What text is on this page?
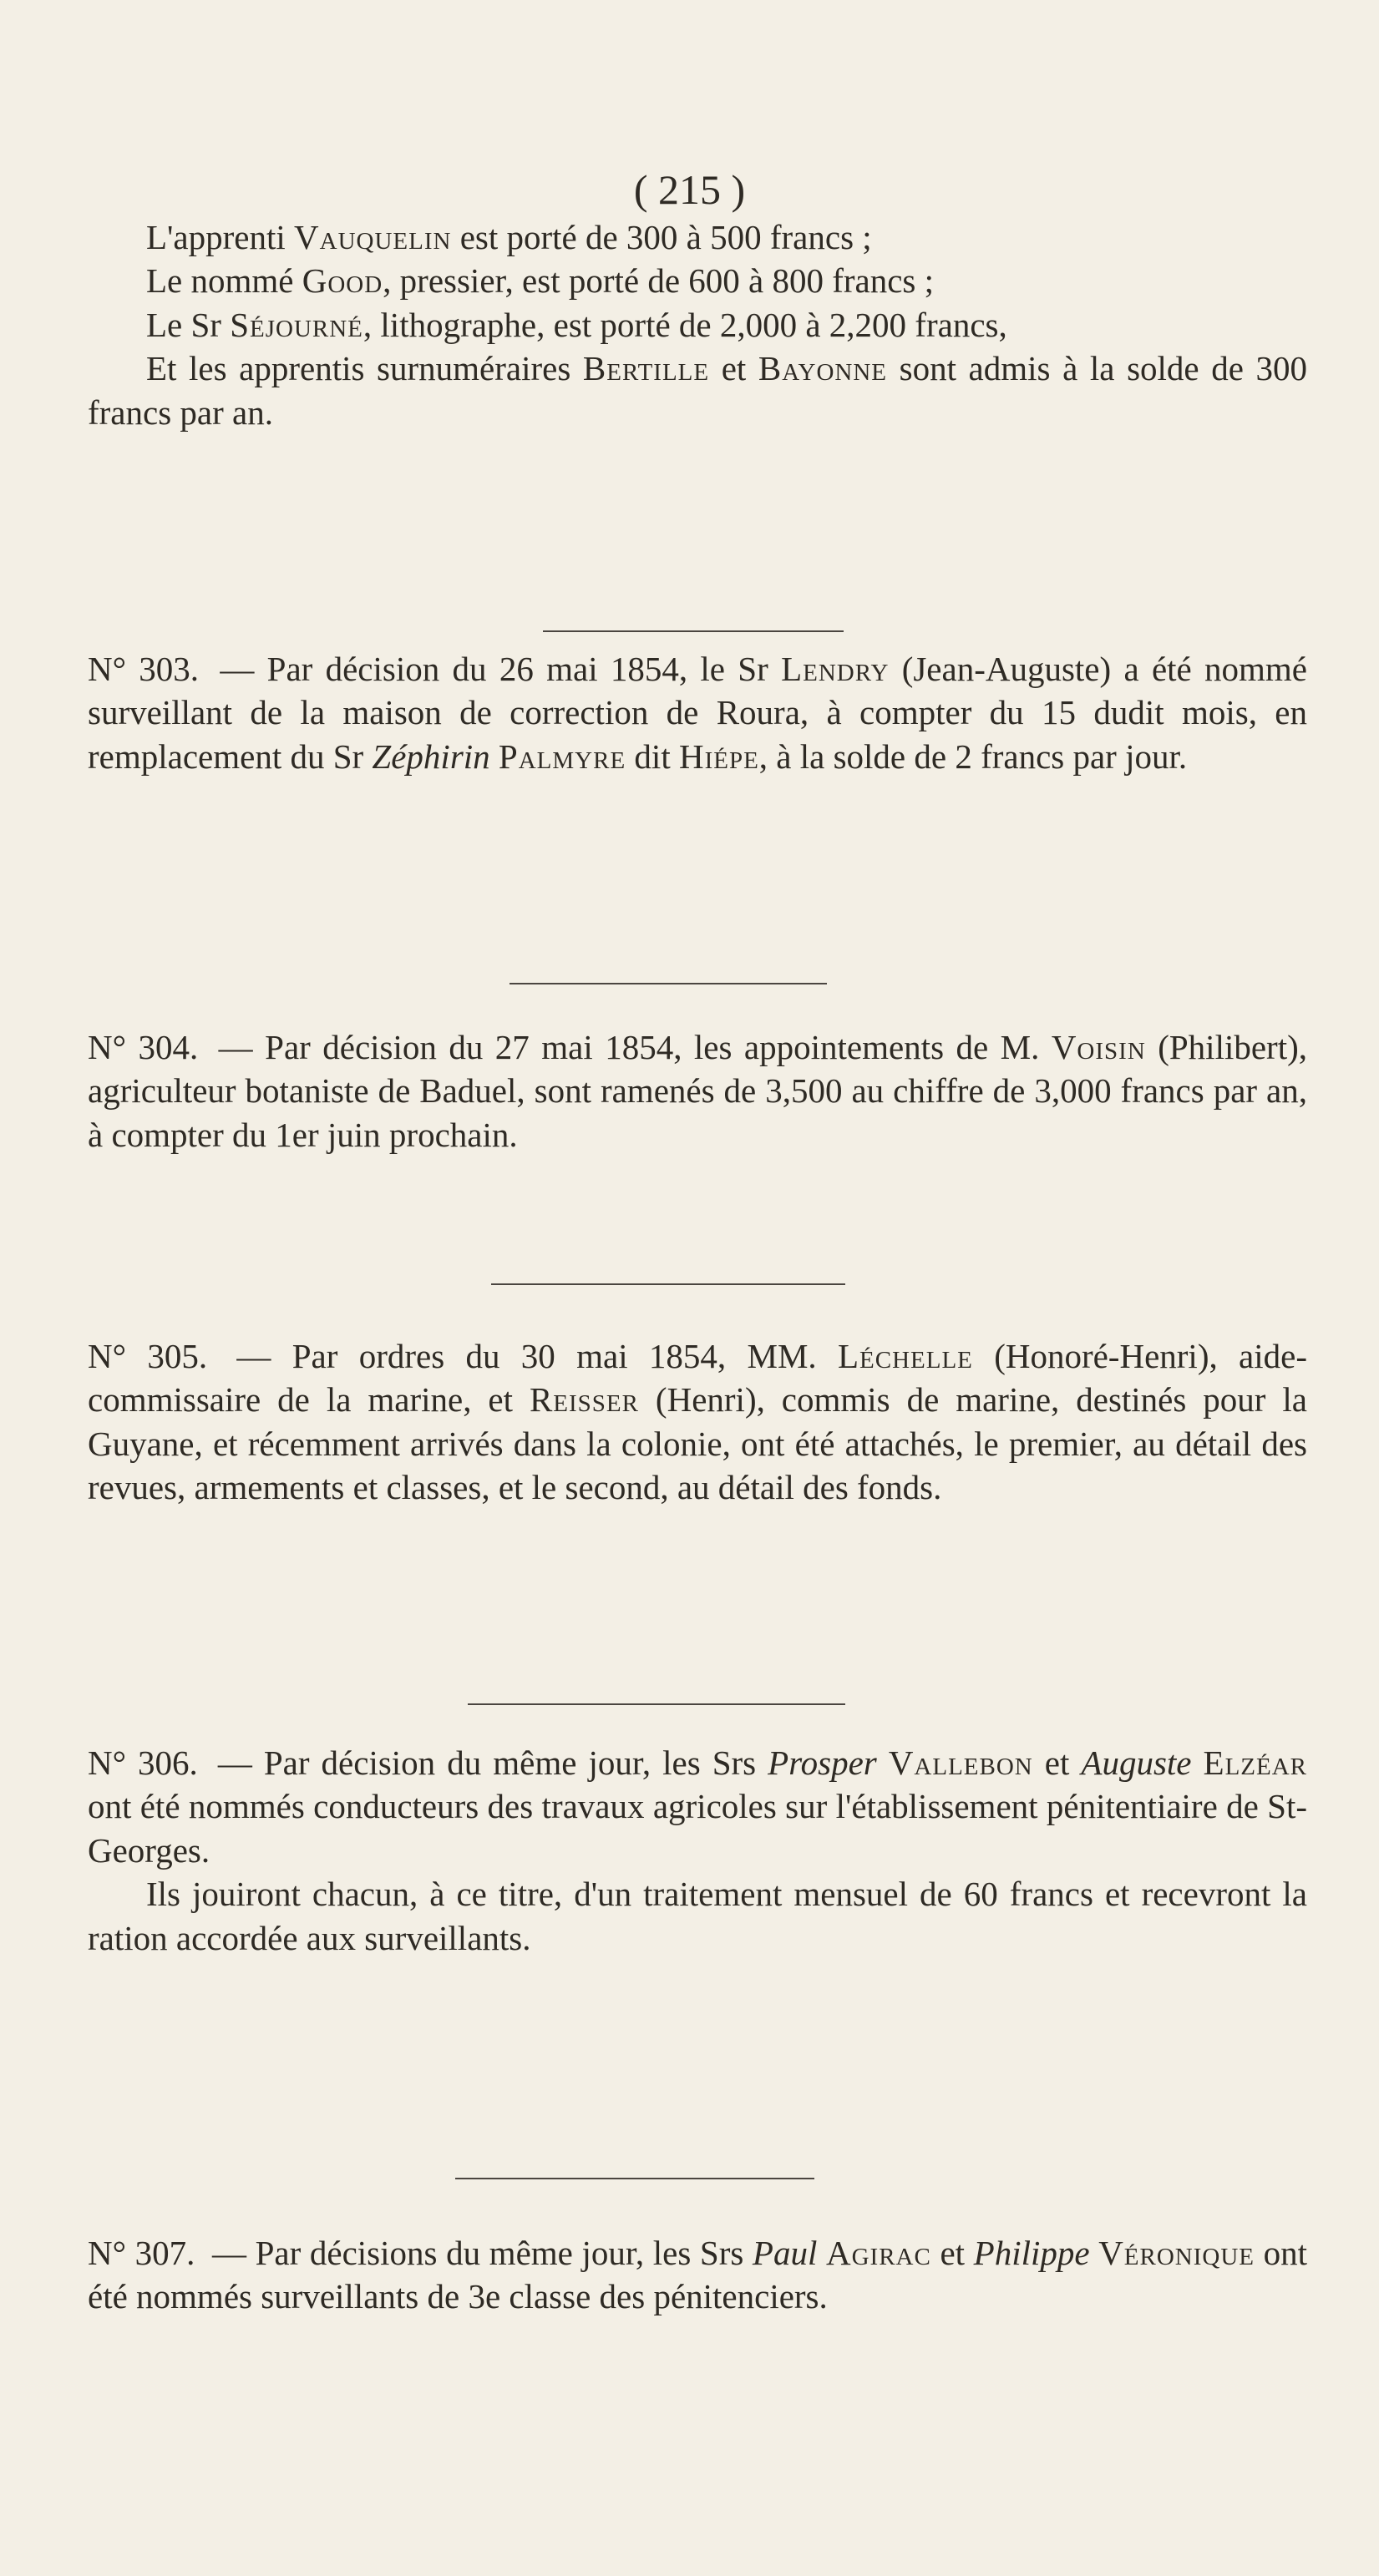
( 215 )

L'apprenti Vauquelin est porté de 300 à 500 francs ;

Le nommé Good, pressier, est porté de 600 à 800 francs ;

Le Sr Séjourné, lithographe, est porté de 2,000 à 2,200 francs,

Et les apprentis surnuméraires Bertille et Bayonne sont admis à la solde de 300 francs par an.

N° 303. — Par décision du 26 mai 1854, le Sr Lendry (Jean-Auguste) a été nommé surveillant de la maison de correction de Roura, à compter du 15 dudit mois, en remplacement du Sr Zéphirin Palmyre dit Hiépe, à la solde de 2 francs par jour.

N° 304. — Par décision du 27 mai 1854, les appointements de M. Voisin (Philibert), agriculteur botaniste de Baduel, sont ramenés de 3,500 au chiffre de 3,000 francs par an, à compter du 1er juin prochain.

N° 305. — Par ordres du 30 mai 1854, MM. Léchelle (Honoré-Henri), aide-commissaire de la marine, et Reisser (Henri), commis de marine, destinés pour la Guyane, et récemment arrivés dans la colonie, ont été attachés, le premier, au détail des revues, armements et classes, et le second, au détail des fonds.

N° 306. — Par décision du même jour, les Srs Prosper Vallebon et Auguste Elzéar ont été nommés conducteurs des travaux agricoles sur l'établissement pénitentiaire de St-Georges.

Ils jouiront chacun, à ce titre, d'un traitement mensuel de 60 francs et recevront la ration accordée aux surveillants.

N° 307. — Par décisions du même jour, les Srs Paul Agirac et Philippe Véronique ont été nommés surveillants de 3e classe des pénitenciers.
